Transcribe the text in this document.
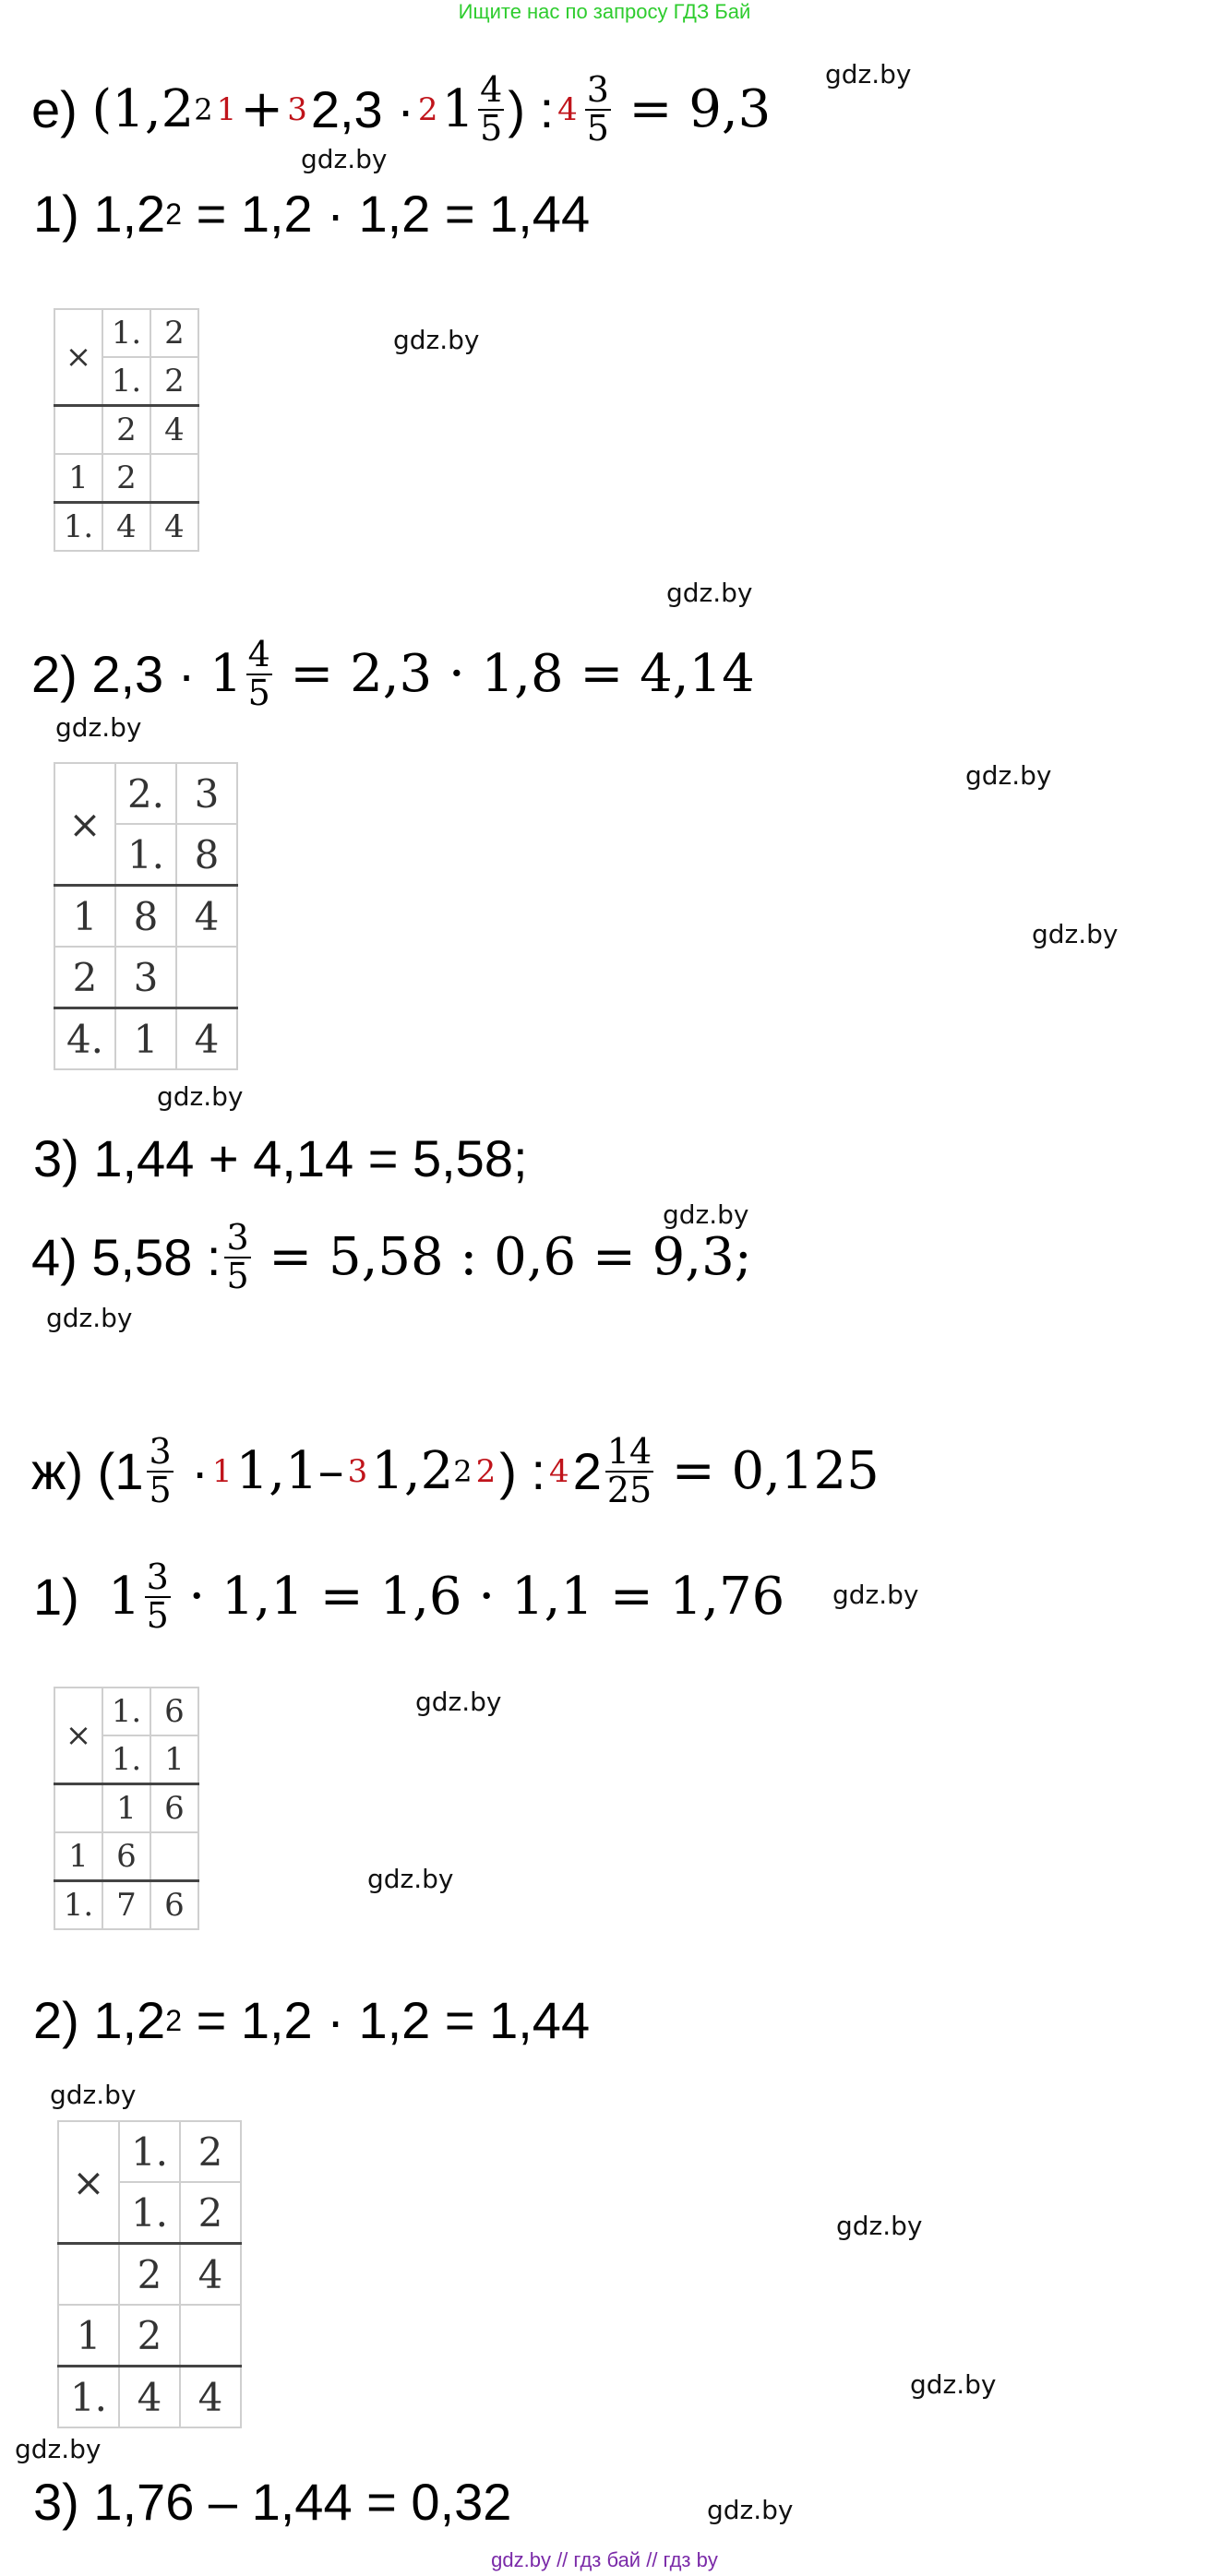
Ищите нас по запросу ГДЗ Бай
е)
(1,2 2 1 + 3 2,3 · 2 $1 \frac{4}{5}$ ) : $4 \frac{3}{5}$
= 9,3
1) 1,2 2
= 1,2 · 1,2 = 1,44
×	1.	2
	1.	2
	2	4
1	2	
1.	4	4
2) 2,3 ·
$1 \frac{4}{5}$
= 2,3 · 1,8 = 4,14
×	2.	3
	1.	8
1	8	4
2	3	
4.	1	4
3) 1,44 + 4,14 = 5,58;
4) 5,58 : $\frac{3}{5}$
= 5,58 : 0,6 = 9,3;
ж)
($1 \frac{3}{5}$
· 1 1,1– 3 1,2 2 2 ) : 4 $2 \frac{14}{25}$
= 0,125
1)
$1 \frac{3}{5}$
· 1,1 = 1,6 · 1,1 = 1,76
×	1.	6
	1.	1
	1	6
1	6	
1.	7	6
2) 1,2 2
= 1,2 · 1,2 = 1,44
×	1.	2
	1.	2
	2	4
1	2	
1.	4	4
3) 1,76 – 1,44 = 0,32
gdz.by
gdz.by
gdz.by
gdz.by
gdz.by
gdz.by
gdz.by
gdz.by
gdz.by
gdz.by
gdz.by
gdz.by
gdz.by
gdz.by
gdz.by
gdz.by
gdz.by
gdz.by
gdz.by // гдз бай // гдз by
